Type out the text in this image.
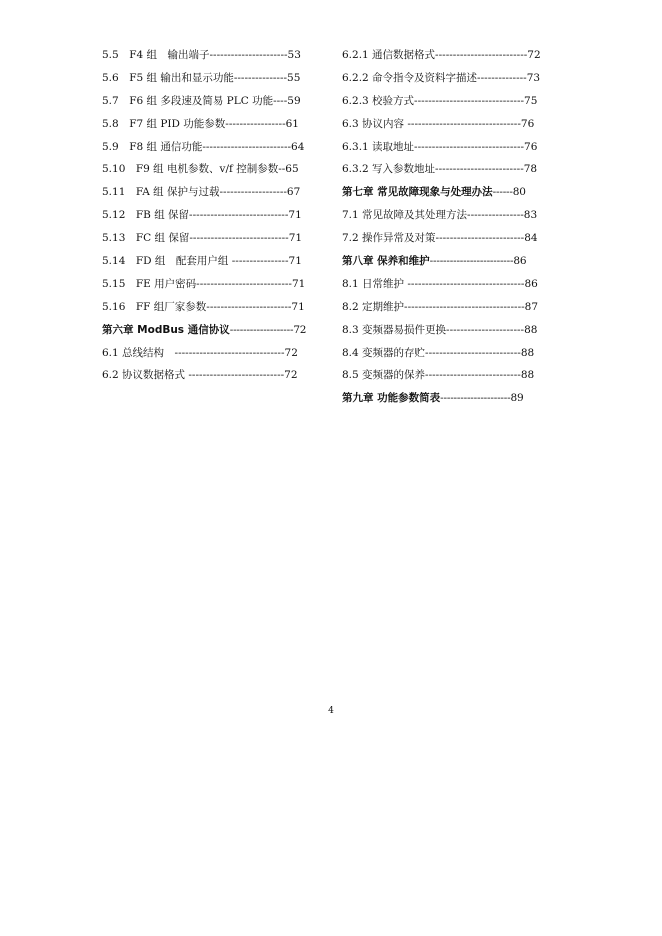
5.5　F4 组　输出端子----------------------53
5.6　F5 组 输出和显示功能---------------55
5.7　F6 组 多段速及简易 PLC 功能----59
5.8　F7 组 PID 功能参数-----------------61
5.9　F8 组 通信功能-------------------------64
5.10　F9 组 电机参数、v/f 控制参数--65
5.11　FA 组 保护与过载-------------------67
5.12　FB 组 保留----------------------------71
5.13　FC 组 保留----------------------------71
5.14　FD 组　配套用户组 ----------------71
5.15　FE 用户密码---------------------------71
5.16　FF 组厂家参数------------------------71
第六章 ModBus 通信协议-------------------72
6.1 总线结构　-------------------------------72
6.2 协议数据格式 ---------------------------72
6.2.1 通信数据格式--------------------------72
6.2.2 命令指令及资料字描述--------------73
6.2.3 校验方式-------------------------------75
6.3 协议内容 --------------------------------76
6.3.1 读取地址-------------------------------76
6.3.2 写入参数地址-------------------------78
第七章 常见故障现象与处理办法------80
7.1 常见故障及其处理方法----------------83
7.2 操作异常及对策-------------------------84
第八章 保养和维护-------------------------86
8.1 日常维护 ---------------------------------86
8.2 定期维护----------------------------------87
8.3 变频器易损件更换----------------------88
8.4 变频器的存贮---------------------------88
8.5 变频器的保养---------------------------88
第九章 功能参数简表---------------------89
4
